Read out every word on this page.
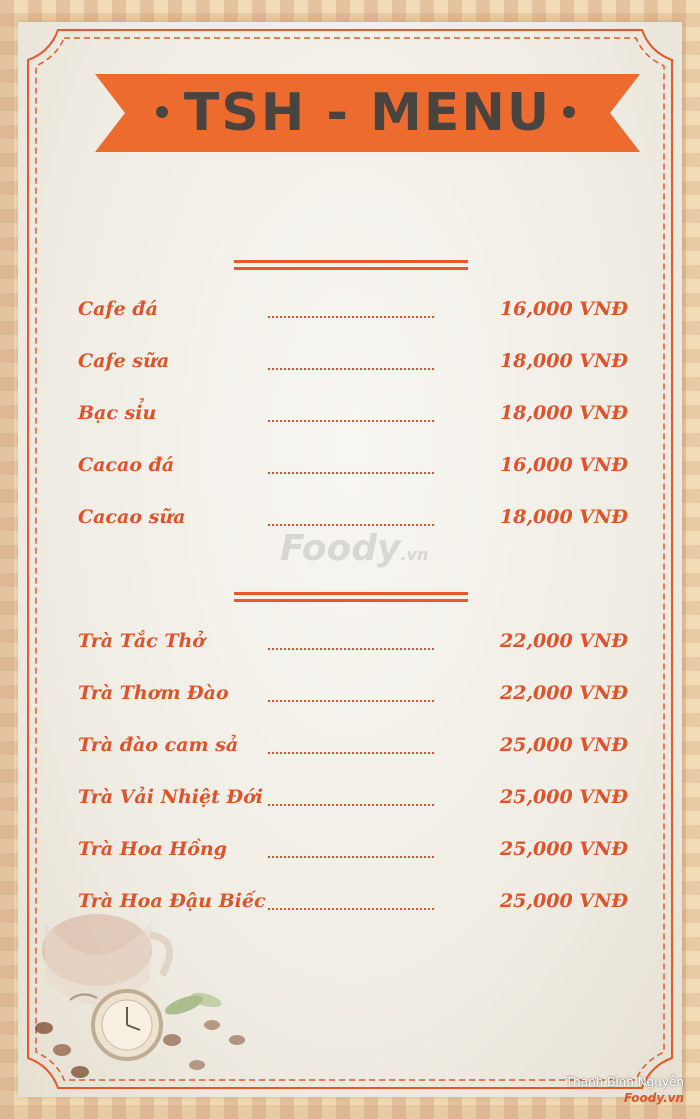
TSH - MENU
Cafe đá	16,000 VNĐ
Cafe sữa	18,000 VNĐ
Bạc sỉu	18,000 VNĐ
Cacao đá	16,000 VNĐ
Cacao sữa	18,000 VNĐ
Foody.vn
Trà Tắc Thở	22,000 VNĐ
Trà Thơm Đào	22,000 VNĐ
Trà đào cam sả	25,000 VNĐ
Trà Vải Nhiệt Đới	25,000 VNĐ
Trà Hoa Hồng	25,000 VNĐ
Trà Hoa Đậu Biếc	25,000 VNĐ
Thanh Bình Nguyễn
Foody.vn
